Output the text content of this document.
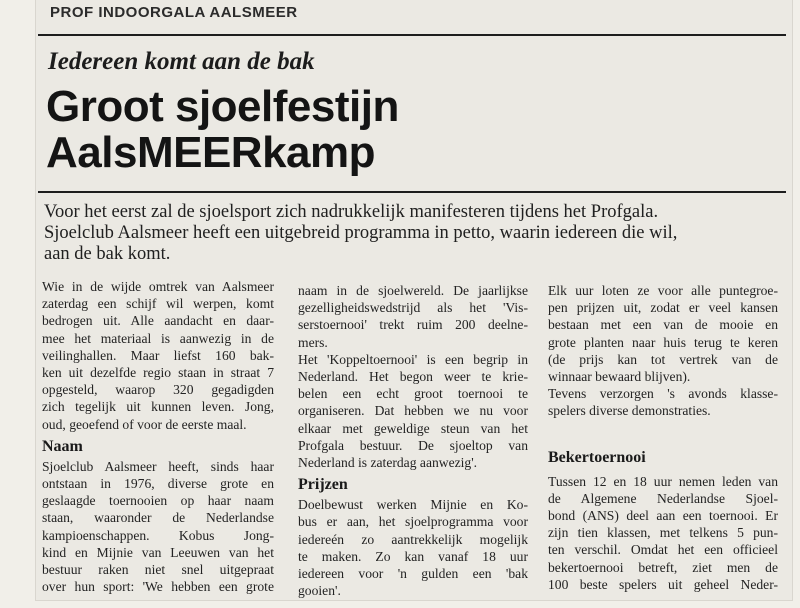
PROF INDOORGALA AALSMEER
Iedereen komt aan de bak
Groot sjoelfestijn
AalsMEERkamp
Voor het eerst zal de sjoelsport zich nadrukkelijk manifesteren tijdens het Profgala.
Sjoelclub Aalsmeer heeft een uitgebreid programma in petto, waarin iedereen die wil,
aan de bak komt.
Wie in de wijde omtrek van Aalsmeer
zaterdag een schijf wil werpen, komt
bedrogen uit. Alle aandacht en daar-
mee het materiaal is aanwezig in de
veilinghallen. Maar liefst 160 bak-
ken uit dezelfde regio staan in straat 7
opgesteld, waarop 320 gegadigden
zich tegelijk uit kunnen leven. Jong,
oud, geoefend of voor de eerste maal.
Naam
Sjoelclub Aalsmeer heeft, sinds haar
ontstaan in 1976, diverse grote en
geslaagde toernooien op haar naam
staan, waaronder de Nederlandse
kampioenschappen. Kobus Jong-
kind en Mijnie van Leeuwen van het
bestuur raken niet snel uitgepraat
over hun sport: 'We hebben een grote
naam in de sjoelwereld. De jaarlijkse
gezelligheidswedstrijd als het 'Vis-
serstoernooi' trekt ruim 200 deelne-
mers.
Het 'Koppeltoernooi' is een begrip in
Nederland. Het begon weer te krie-
belen een echt groot toernooi te
organiseren. Dat hebben we nu voor
elkaar met geweldige steun van het
Profgala bestuur. De sjoeltop van
Nederland is zaterdag aanwezig'.
Prijzen
Doelbewust werken Mijnie en Ko-
bus er aan, het sjoelprogramma voor
iedereén zo aantrekkelijk mogelijk
te maken. Zo kan vanaf 18 uur
iedereen voor 'n gulden een 'bak
gooien'.
Elk uur loten ze voor alle puntegroe-
pen prijzen uit, zodat er veel kansen
bestaan met een van de mooie en
grote planten naar huis terug te keren
(de prijs kan tot vertrek van de
winnaar bewaard blijven).
Tevens verzorgen 's avonds klasse-
spelers diverse demonstraties.
Bekertoernooi
Tussen 12 en 18 uur nemen leden van
de Algemene Nederlandse Sjoel-
bond (ANS) deel aan een toernooi. Er
zijn tien klassen, met telkens 5 pun-
ten verschil. Omdat het een officieel
bekertoernooi betreft, ziet men de
100 beste spelers uit geheel Neder-
